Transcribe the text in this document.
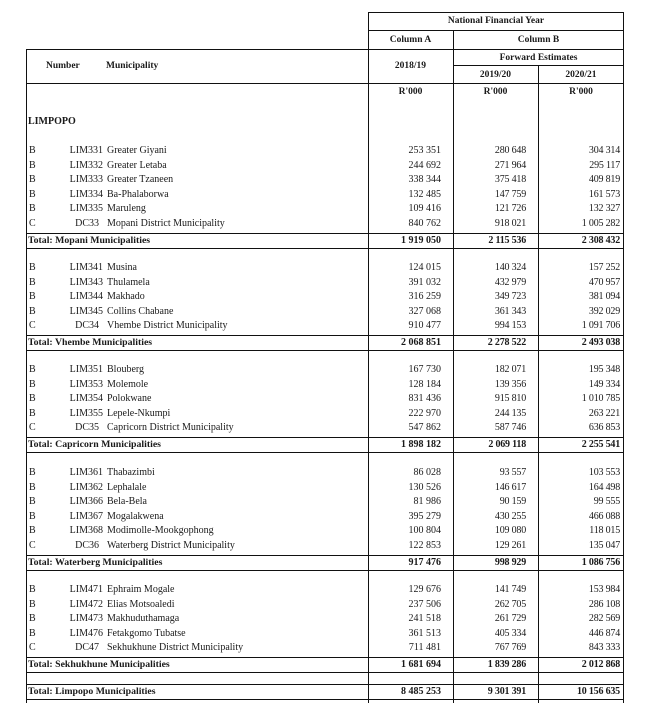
National Financial Year
Column A	Column B
Number	Municipality	2018/19
Forward Estimates
2019/20	2020/21
R'000	R'000	R'000
LIMPOPO
B	LIM331 Greater Giyani	253 351	280 648	304 314
B	LIM332 Greater Letaba	244 692	271 964	295 117
B	LIM333 Greater Tzaneen	338 344	375 418	409 819
B	LIM334 Ba-Phalaborwa	132 485	147 759	161 573
B	LIM335 Maruleng	109 416	121 726	132 327
C	DC33 Mopani District Municipality	840 762	918 021	1 005 282
Total: Mopani Municipalities	1 919 050	2 115 536	2 308 432
B	LIM341 Musina	124 015	140 324	157 252
B	LIM343 Thulamela	391 032	432 979	470 957
B	LIM344 Makhado	316 259	349 723	381 094
B	LIM345 Collins Chabane	327 068	361 343	392 029
C	DC34 Vhembe District Municipality	910 477	994 153	1 091 706
Total: Vhembe Municipalities	2 068 851	2 278 522	2 493 038
B	LIM351 Blouberg	167 730	182 071	195 348
B	LIM353 Molemole	128 184	139 356	149 334
B	LIM354 Polokwane	831 436	915 810	1 010 785
B	LIM355 Lepele-Nkumpi	222 970	244 135	263 221
C	DC35 Capricorn District Municipality	547 862	587 746	636 853
Total: Capricorn Municipalities	1 898 182	2 069 118	2 255 541
B	LIM361 Thabazimbi	86 028	93 557	103 553
B	LIM362 Lephalale	130 526	146 617	164 498
B	LIM366 Bela-Bela	81 986	90 159	99 555
B	LIM367 Mogalakwena	395 279	430 255	466 088
B	LIM368 Modimolle-Mookgophong	100 804	109 080	118 015
C	DC36 Waterberg District Municipality	122 853	129 261	135 047
Total: Waterberg Municipalities	917 476	998 929	1 086 756
B	LIM471 Ephraim Mogale	129 676	141 749	153 984
B	LIM472 Elias Motsoaledi	237 506	262 705	286 108
B	LIM473 Makhuduthamaga	241 518	261 729	282 569
B	LIM476 Fetakgomo Tubatse	361 513	405 334	446 874
C	DC47 Sekhukhune District Municipality	711 481	767 769	843 333
Total: Sekhukhune Municipalities	1 681 694	1 839 286	2 012 868
Total: Limpopo Municipalities	8 485 253	9 301 391	10 156 635
